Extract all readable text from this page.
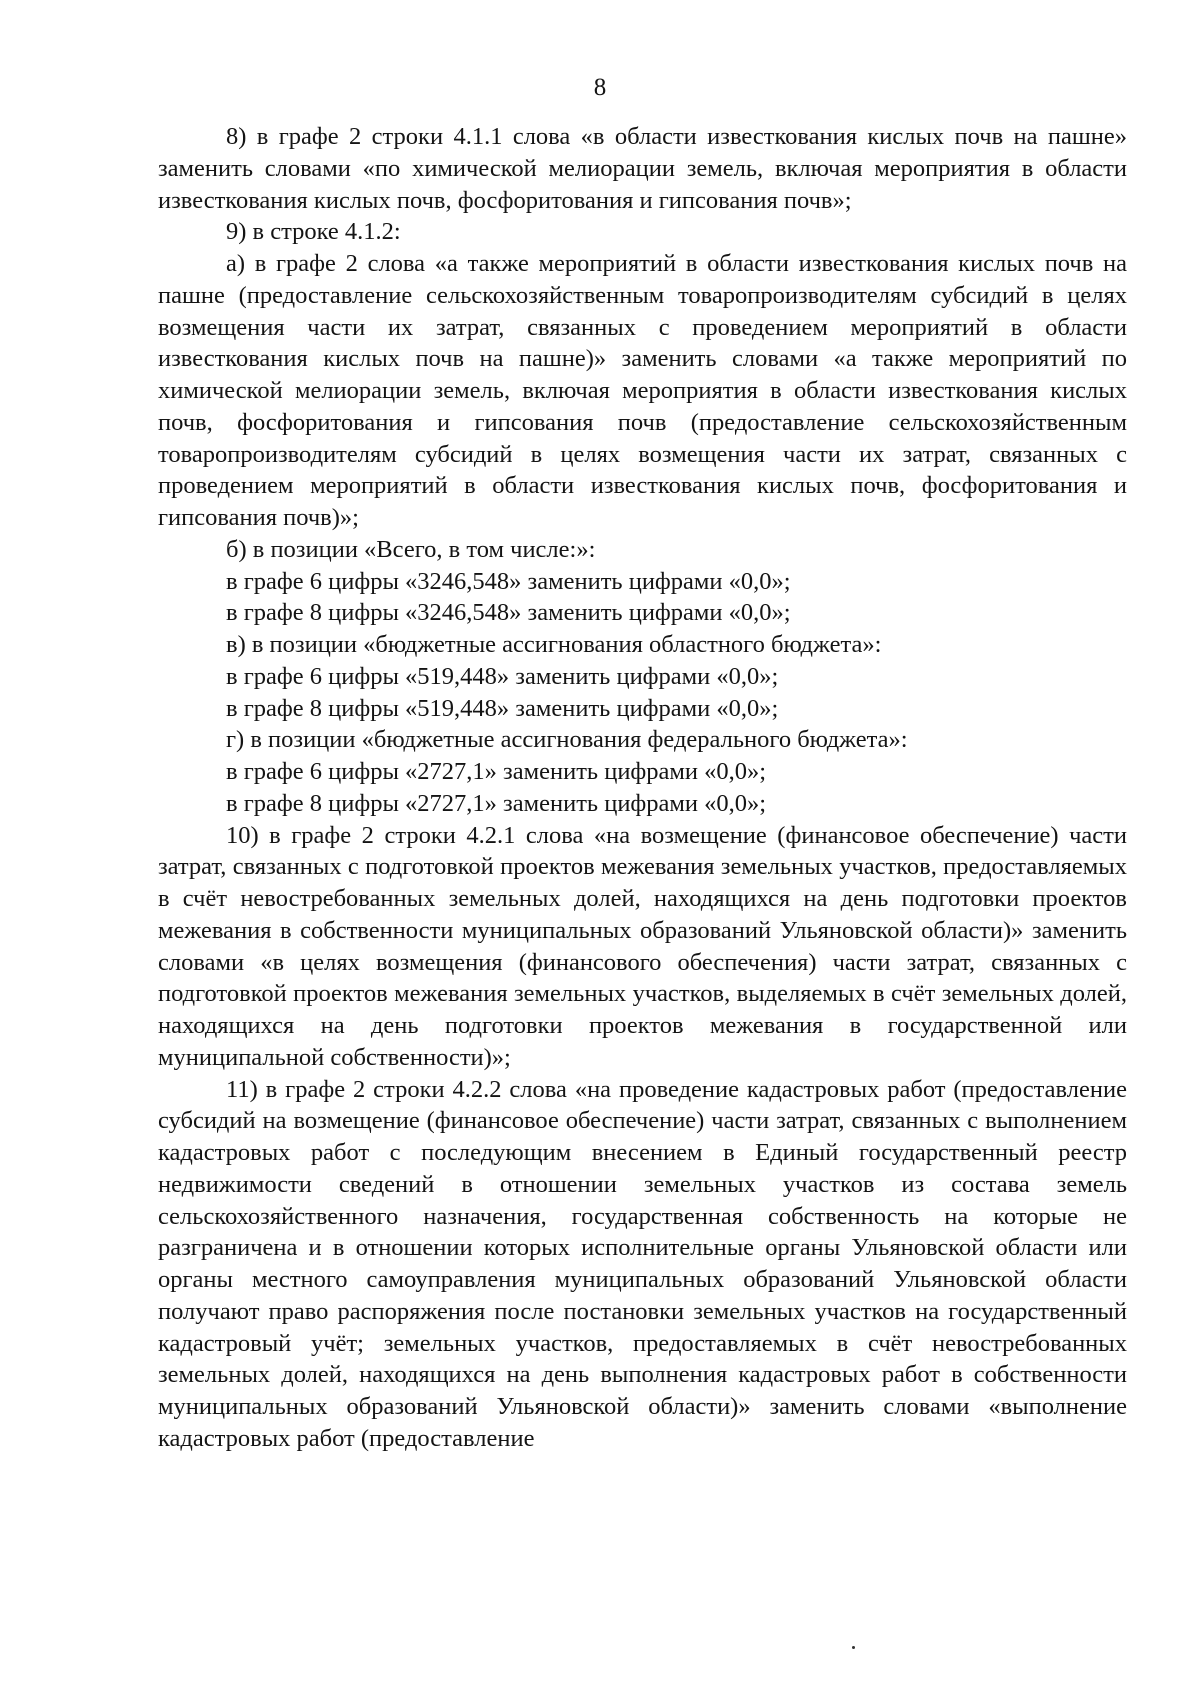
8

8) в графе 2 строки 4.1.1 слова «в области известкования кислых почв на пашне» заменить словами «по химической мелиорации земель, включая мероприятия в области известкования кислых почв, фосфоритования и гипсования почв»;

9) в строке 4.1.2:

а) в графе 2 слова «а также мероприятий в области известкования кислых почв на пашне (предоставление сельскохозяйственным товаропроизводителям субсидий в целях возмещения части их затрат, связанных с проведением мероприятий в области известкования кислых почв на пашне)» заменить словами «а также мероприятий по химической мелиорации земель, включая мероприятия в области известкования кислых почв, фосфоритования и гипсования почв (предоставление сельскохозяйственным товаропроизводителям субсидий в целях возмещения части их затрат, связанных с проведением мероприятий в области известкования кислых почв, фосфоритования и гипсования почв)»;

б) в позиции «Всего, в том числе:»:

в графе 6 цифры «3246,548» заменить цифрами «0,0»;

в графе 8 цифры «3246,548» заменить цифрами «0,0»;

в) в позиции «бюджетные ассигнования областного бюджета»:

в графе 6 цифры «519,448» заменить цифрами «0,0»;

в графе 8 цифры «519,448» заменить цифрами «0,0»;

г) в позиции «бюджетные ассигнования федерального бюджета»:

в графе 6 цифры «2727,1» заменить цифрами «0,0»;

в графе 8 цифры «2727,1» заменить цифрами «0,0»;

10) в графе 2 строки 4.2.1 слова «на возмещение (финансовое обеспечение) части затрат, связанных с подготовкой проектов межевания земельных участков, предоставляемых в счёт невостребованных земельных долей, находящихся на день подготовки проектов межевания в собственности муниципальных образований Ульяновской области)» заменить словами «в целях возмещения (финансового обеспечения) части затрат, связанных с подготовкой проектов межевания земельных участков, выделяемых в счёт земельных долей, находящихся на день подготовки проектов межевания в государственной или муниципальной собственности)»;

11) в графе 2 строки 4.2.2 слова «на проведение кадастровых работ (предоставление субсидий на возмещение (финансовое обеспечение) части затрат, связанных с выполнением кадастровых работ с последующим внесением в Единый государственный реестр недвижимости сведений в отношении земельных участков из состава земель сельскохозяйственного назначения, государственная собственность на которые не разграничена и в отношении которых исполнительные органы Ульяновской области или органы местного самоуправления муниципальных образований Ульяновской области получают право распоряжения после постановки земельных участков на государственный кадастровый учёт; земельных участков, предоставляемых в счёт невостребованных земельных долей, находящихся на день выполнения кадастровых работ в собственности муниципальных образований Ульяновской области)» заменить словами «выполнение кадастровых работ (предоставление
